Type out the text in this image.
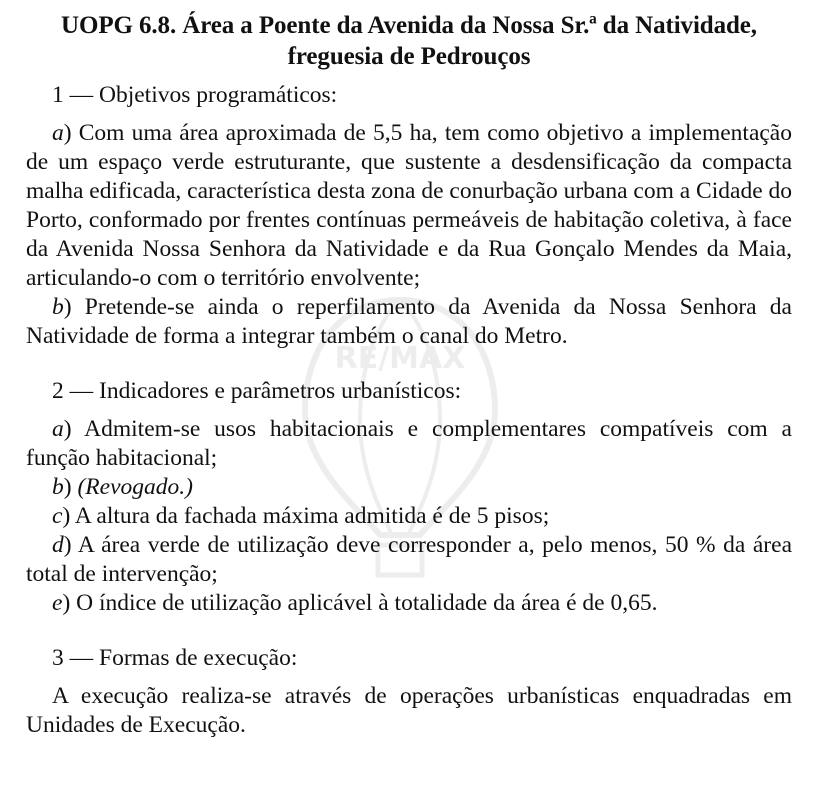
RE/MAX
UOPG 6.8. Área a Poente da Avenida da Nossa Sr.ª da Natividade,
freguesia de Pedrouços

1 — Objetivos programáticos:

a) Com uma área aproximada de 5,5 ha, tem como objetivo a implementação de um espaço verde estruturante, que sustente a desdensificação da compacta malha edificada, característica desta zona de conurbação urbana com a Cidade do Porto, conformado por frentes contínuas permeáveis de habitação coletiva, à face da Avenida Nossa Senhora da Natividade e da Rua Gonçalo Mendes da Maia, articulando-o com o território envolvente;

b) Pretende-se ainda o reperfilamento da Avenida da Nossa Senhora da Natividade de forma a integrar também o canal do Metro.

2 — Indicadores e parâmetros urbanísticos:

a) Admitem-se usos habitacionais e complementares compatíveis com a função habitacional;

b) (Revogado.)

c) A altura da fachada máxima admitida é de 5 pisos;

d) A área verde de utilização deve corresponder a, pelo menos, 50 % da área total de intervenção;

e) O índice de utilização aplicável à totalidade da área é de 0,65.

3 — Formas de execução:

A execução realiza-se através de operações urbanísticas enquadradas em Unidades de Execução.
